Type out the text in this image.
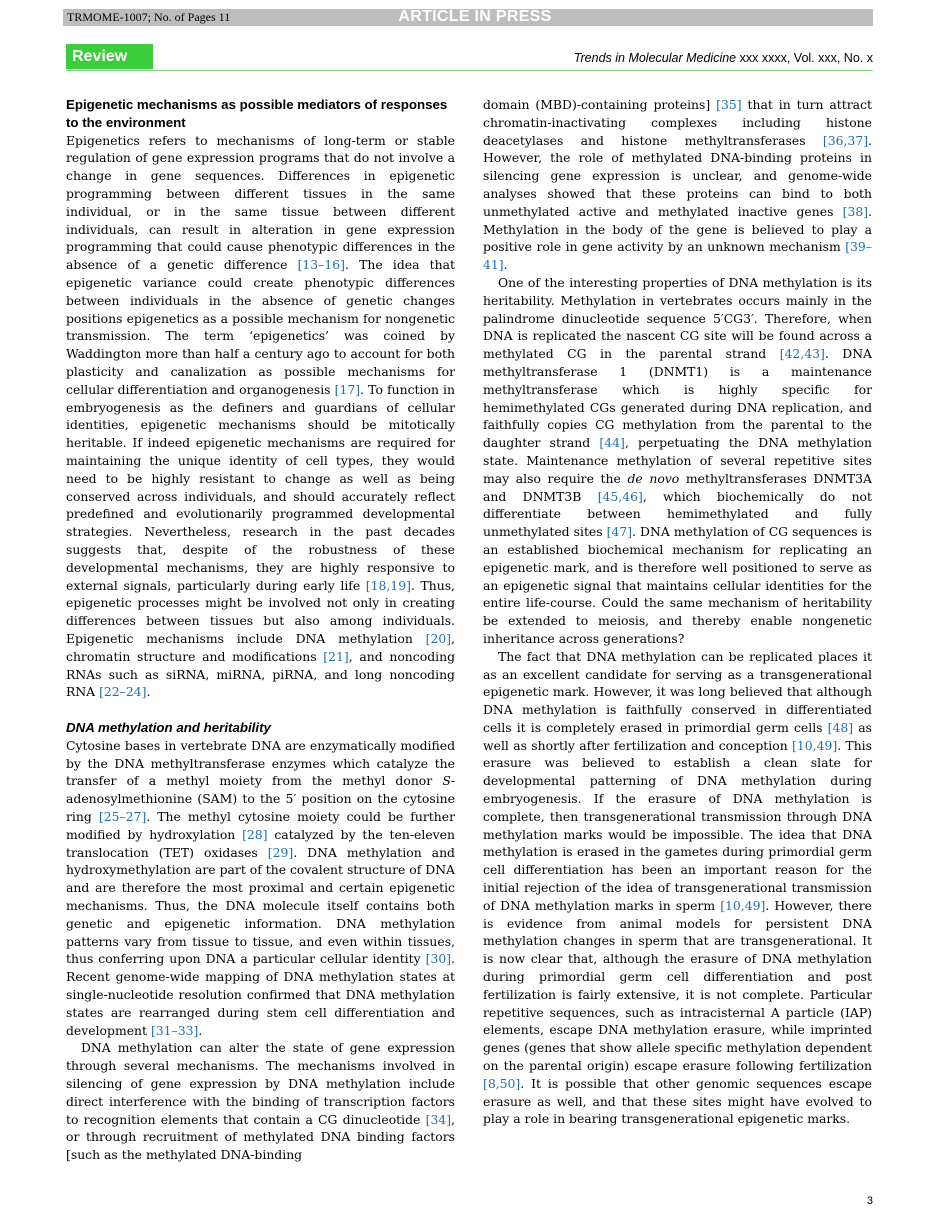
TRMOME-1007; No. of Pages 11	ARTICLE IN PRESS
Review	Trends in Molecular Medicine xxx xxxx, Vol. xxx, No. x
Epigenetic mechanisms as possible mediators of responses to the environment

Epigenetics refers to mechanisms of long-term or stable regulation of gene expression programs that do not involve a change in gene sequences. Differences in epigenetic programming between different tissues in the same individual, or in the same tissue between different individuals, can result in alteration in gene expression programming that could cause phenotypic differences in the absence of a genetic difference [13–16]. The idea that epigenetic variance could create phenotypic differences between individuals in the absence of genetic changes positions epigenetics as a possible mechanism for nongenetic transmission. The term ‘epigenetics’ was coined by Waddington more than half a century ago to account for both plasticity and canalization as possible mechanisms for cellular differentiation and organogenesis [17]. To function in embryogenesis as the definers and guardians of cellular identities, epigenetic mechanisms should be mitotically heritable. If indeed epigenetic mechanisms are required for maintaining the unique identity of cell types, they would need to be highly resistant to change as well as being conserved across individuals, and should accurately reflect predefined and evolutionarily programmed developmental strategies. Nevertheless, research in the past decades suggests that, despite of the robustness of these developmental mechanisms, they are highly responsive to external signals, particularly during early life [18,19]. Thus, epigenetic processes might be involved not only in creating differences between tissues but also among individuals. Epigenetic mechanisms include DNA methylation [20], chromatin structure and modifications [21], and noncoding RNAs such as siRNA, miRNA, piRNA, and long noncoding RNA [22–24].

DNA methylation and heritability

Cytosine bases in vertebrate DNA are enzymatically modified by the DNA methyltransferase enzymes which catalyze the transfer of a methyl moiety from the methyl donor S-adenosylmethionine (SAM) to the 5′ position on the cytosine ring [25–27]. The methyl cytosine moiety could be further modified by hydroxylation [28] catalyzed by the ten-eleven translocation (TET) oxidases [29]. DNA methylation and hydroxymethylation are part of the covalent structure of DNA and are therefore the most proximal and certain epigenetic mechanisms. Thus, the DNA molecule itself contains both genetic and epigenetic information. DNA methylation patterns vary from tissue to tissue, and even within tissues, thus conferring upon DNA a particular cellular identity [30]. Recent genome-wide mapping of DNA methylation states at single-nucleotide resolution confirmed that DNA methylation states are rearranged during stem cell differentiation and development [31–33].

DNA methylation can alter the state of gene expression through several mechanisms. The mechanisms involved in silencing of gene expression by DNA methylation include direct interference with the binding of transcription factors to recognition elements that contain a CG dinucleotide [34], or through recruitment of methylated DNA binding factors [such as the methylated DNA-binding

domain (MBD)-containing proteins] [35] that in turn attract chromatin-inactivating complexes including histone deacetylases and histone methyltransferases [36,37]. However, the role of methylated DNA-binding proteins in silencing gene expression is unclear, and genome-wide analyses showed that these proteins can bind to both unmethylated active and methylated inactive genes [38]. Methylation in the body of the gene is believed to play a positive role in gene activity by an unknown mechanism [39–41].

One of the interesting properties of DNA methylation is its heritability. Methylation in vertebrates occurs mainly in the palindrome dinucleotide sequence 5′CG3′. Therefore, when DNA is replicated the nascent CG site will be found across a methylated CG in the parental strand [42,43]. DNA methyltransferase 1 (DNMT1) is a maintenance methyltransferase which is highly specific for hemimethylated CGs generated during DNA replication, and faithfully copies CG methylation from the parental to the daughter strand [44], perpetuating the DNA methylation state. Maintenance methylation of several repetitive sites may also require the de novo methyltransferases DNMT3A and DNMT3B [45,46], which biochemically do not differentiate between hemimethylated and fully unmethylated sites [47]. DNA methylation of CG sequences is an established biochemical mechanism for replicating an epigenetic mark, and is therefore well positioned to serve as an epigenetic signal that maintains cellular identities for the entire life-course. Could the same mechanism of heritability be extended to meiosis, and thereby enable nongenetic inheritance across generations?

The fact that DNA methylation can be replicated places it as an excellent candidate for serving as a transgenerational epigenetic mark. However, it was long believed that although DNA methylation is faithfully conserved in differentiated cells it is completely erased in primordial germ cells [48] as well as shortly after fertilization and conception [10,49]. This erasure was believed to establish a clean slate for developmental patterning of DNA methylation during embryogenesis. If the erasure of DNA methylation is complete, then transgenerational transmission through DNA methylation marks would be impossible. The idea that DNA methylation is erased in the gametes during primordial germ cell differentiation has been an important reason for the initial rejection of the idea of transgenerational transmission of DNA methylation marks in sperm [10,49]. However, there is evidence from animal models for persistent DNA methylation changes in sperm that are transgenerational. It is now clear that, although the erasure of DNA methylation during primordial germ cell differentiation and post fertilization is fairly extensive, it is not complete. Particular repetitive sequences, such as intracisternal A particle (IAP) elements, escape DNA methylation erasure, while imprinted genes (genes that show allele specific methylation dependent on the parental origin) escape erasure following fertilization [8,50]. It is possible that other genomic sequences escape erasure as well, and that these sites might have evolved to play a role in bearing transgenerational epigenetic marks.

3
